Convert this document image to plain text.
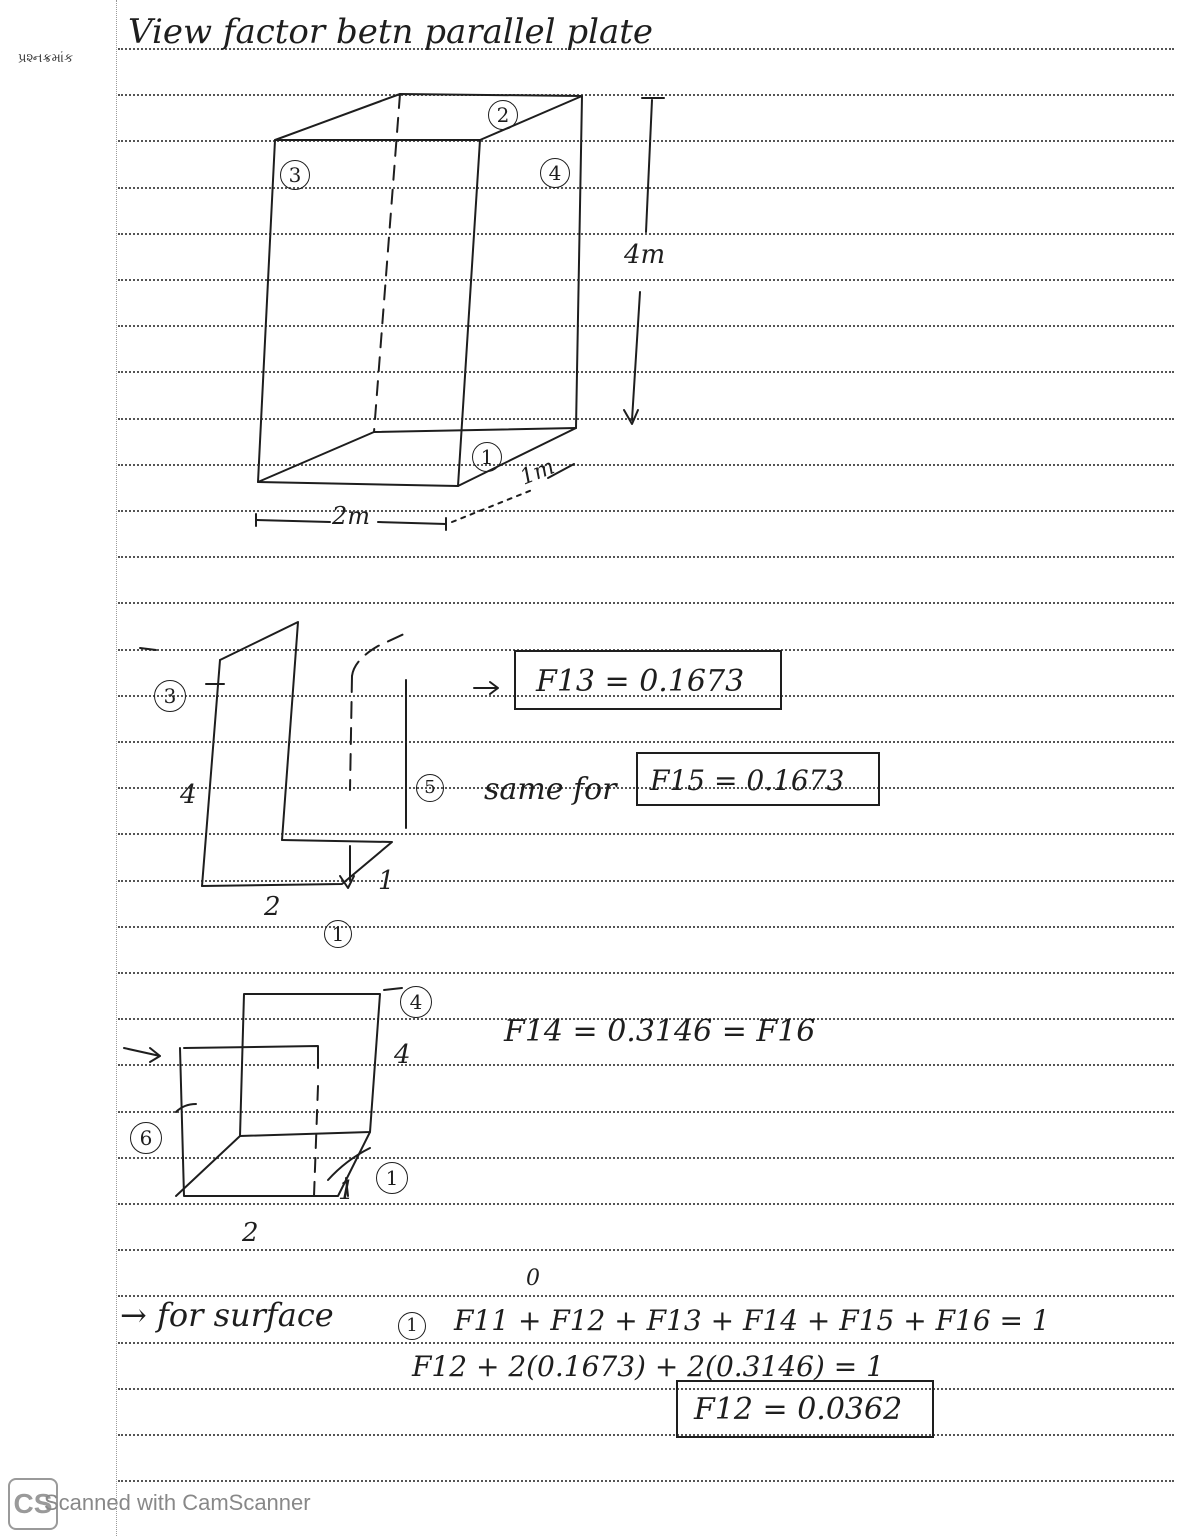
પ્રશ્નક્રમાંક
View factor betn parallel plate
2
3	4
1
4m
2m
1m
3
1
4
2
1
F13 = 0.1673
5 same for F15 = 0.1673
4
6
1
4
2
1
F14 = 0.3146 = F16
→ for surface	1
0
F11 + F12 + F13 + F14 + F15 + F16 = 1
F12 + 2(0.1673) + 2(0.3146) = 1
F12 = 0.0362
CS
Scanned with CamScanner
